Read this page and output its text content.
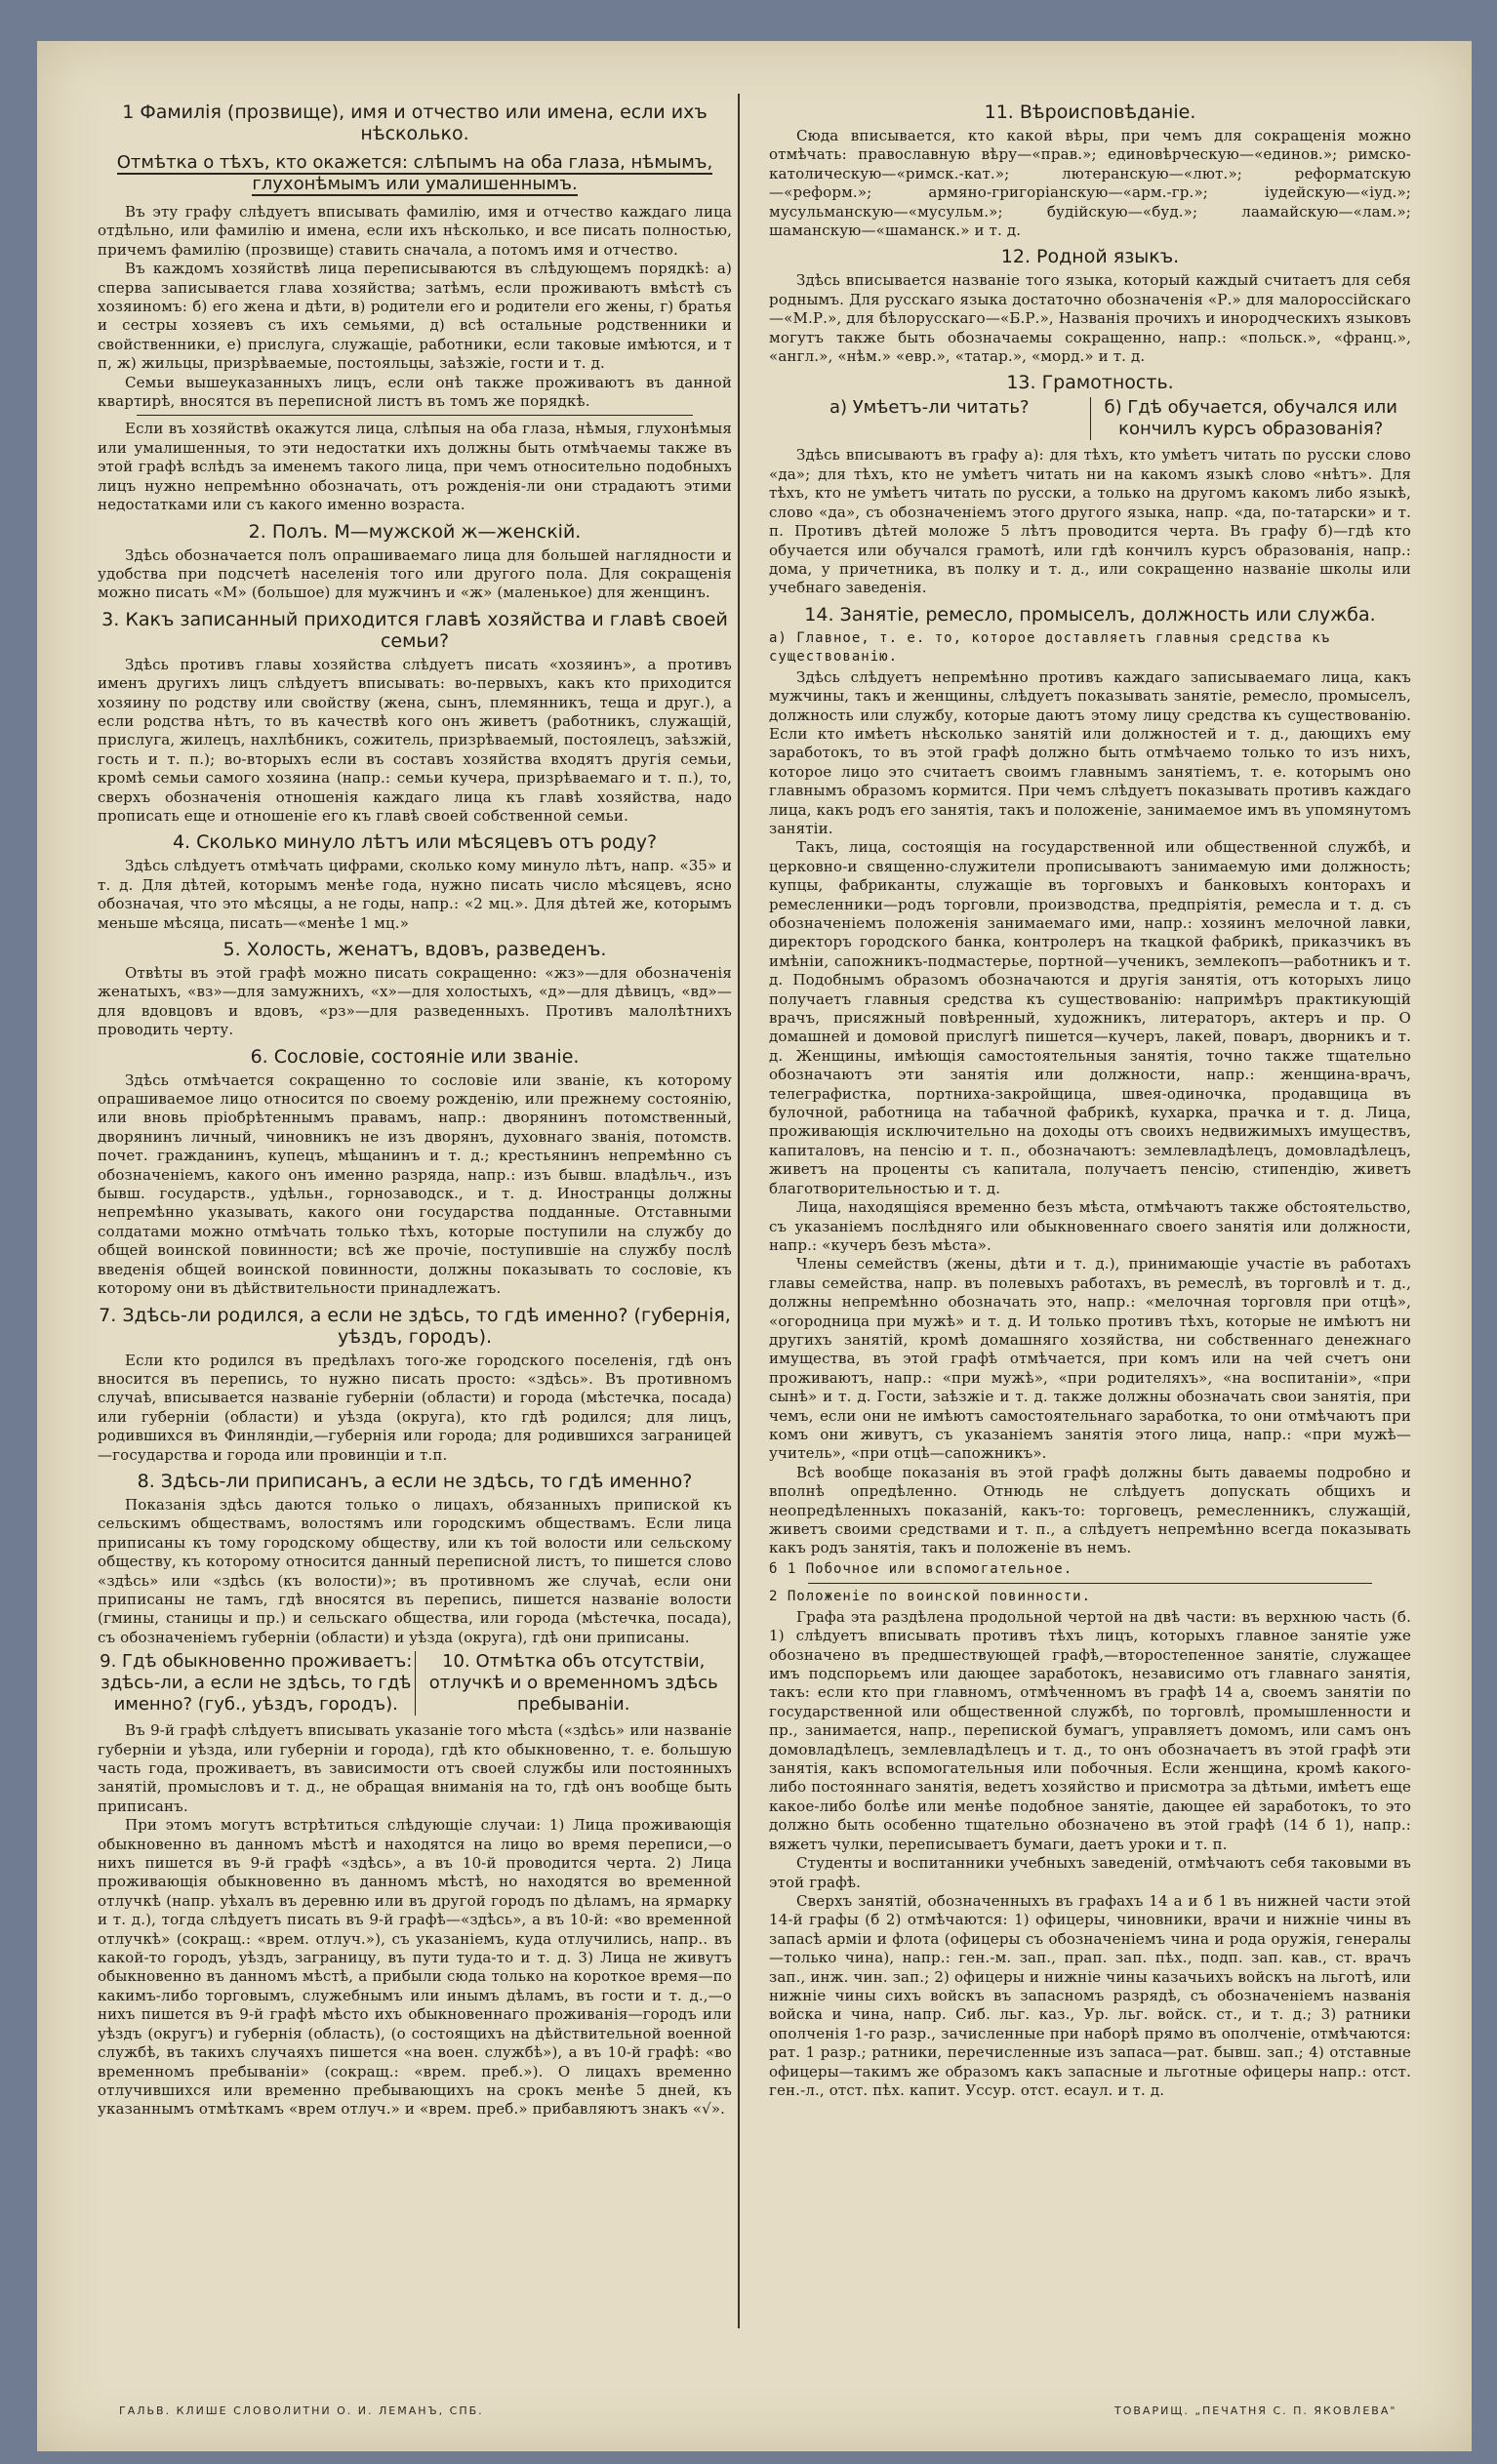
1 Фамилія (прозвище), имя и отчество или имена, если ихъ нѣсколько.
Отмѣтка о тѣхъ, кто окажется: слѣпымъ на оба глаза, нѣмымъ, глухонѣмымъ или умалишеннымъ.

Въ эту графу слѣдуетъ вписывать фамилію, имя и отчество каждаго лица отдѣльно, или фамилію и имена, если ихъ нѣсколько, и все писать полностью, причемъ фамилію (прозвище) ставить сначала, а потомъ имя и отчество.

Въ каждомъ хозяйствѣ лица переписываются въ слѣдующемъ порядкѣ: а) сперва записывается глава хозяйства; затѣмъ, если проживаютъ вмѣстѣ съ хозяиномъ: б) его жена и дѣти, в) родители его и родители его жены, г) братья и сестры хозяевъ съ ихъ семьями, д) всѣ остальные родственники и свойственники, е) прислуга, служащіе, работники, если таковые имѣются, и т п, ж) жильцы, призрѣваемые, постояльцы, заѣзжіе, гости и т. д.

Семьи вышеуказанныхъ лицъ, если онѣ также проживаютъ въ данной квартирѣ, вносятся въ переписной листъ въ томъ же порядкѣ.

Если въ хозяйствѣ окажутся лица, слѣпыя на оба глаза, нѣмыя, глухонѣмыя или умалишенныя, то эти недостатки ихъ должны быть отмѣчаемы также въ этой графѣ вслѣдъ за именемъ такого лица, при чемъ относительно подобныхъ лицъ нужно непремѣнно обозначать, отъ рожденія-ли они страдаютъ этими недостатками или съ какого именно возраста.

2. Полъ. М—мужской ж—женскій.

Здѣсь обозначается полъ опрашиваемаго лица для большей наглядности и удобства при подсчетѣ населенія того или другого пола. Для сокращенія можно писать «М» (большое) для мужчинъ и «ж» (маленькое) для женщинъ.

3. Какъ записанный приходится главѣ хозяйства и главѣ своей семьи?

Здѣсь противъ главы хозяйства слѣдуетъ писать «хозяинъ», а противъ именъ другихъ лицъ слѣдуетъ вписывать: во-первыхъ, какъ кто приходится хозяину по родству или свойству (жена, сынъ, племянникъ, теща и друг.), а если родства нѣтъ, то въ качествѣ кого онъ живетъ (работникъ, служащій, прислуга, жилецъ, нахлѣбникъ, сожитель, призрѣваемый, постоялецъ, заѣзжій, гость и т. п.); во-вторыхъ если въ составъ хозяйства входятъ другія семьи, кромѣ семьи самого хозяина (напр.: семьи кучера, призрѣваемаго и т. п.), то, сверхъ обозначенія отношенія каждаго лица къ главѣ хозяйства, надо прописать еще и отношеніе его къ главѣ своей собственной семьи.

4. Сколько минуло лѣтъ или мѣсяцевъ отъ роду?

Здѣсь слѣдуетъ отмѣчать цифрами, сколько кому минуло лѣтъ, напр. «35» и т. д. Для дѣтей, которымъ менѣе года, нужно писать число мѣсяцевъ, ясно обозначая, что это мѣсяцы, а не годы, напр.: «2 мц.». Для дѣтей же, которымъ меньше мѣсяца, писать—«менѣе 1 мц.»

5. Холость, женатъ, вдовъ, разведенъ.

Отвѣты въ этой графѣ можно писать сокращенно: «жз»—для обозначенія женатыхъ, «вз»—для замужнихъ, «х»—для холостыхъ, «д»—для дѣвицъ, «вд»—для вдовцовъ и вдовъ, «рз»—для разведенныхъ. Противъ малолѣтнихъ проводить черту.

6. Сословіе, состояніе или званіе.

Здѣсь отмѣчается сокращенно то сословіе или званіе, къ которому опрашиваемое лицо относится по своему рожденію, или прежнему состоянію, или вновь пріобрѣтеннымъ правамъ, напр.: дворянинъ потомственный, дворянинъ личный, чиновникъ не изъ дворянъ, духовнаго званія, потомств. почет. гражданинъ, купецъ, мѣщанинъ и т. д.; крестьянинъ непремѣнно съ обозначеніемъ, какого онъ именно разряда, напр.: изъ бывш. владѣльч., изъ бывш. государств., удѣльн., горнозаводск., и т. д. Иностранцы должны непремѣнно указывать, какого они государства подданные. Отставными солдатами можно отмѣчать только тѣхъ, которые поступили на службу до общей воинской повинности; всѣ же прочіе, поступившіе на службу послѣ введенія общей воинской повинности, должны показывать то сословіе, къ которому они въ дѣйствительности принадлежатъ.

7. Здѣсь-ли родился, а если не здѣсь, то гдѣ именно? (губернія, уѣздъ, городъ).

Если кто родился въ предѣлахъ того-же городского поселенія, гдѣ онъ вносится въ перепись, то нужно писать просто: «здѣсь». Въ противномъ случаѣ, вписывается названіе губерніи (области) и города (мѣстечка, посада) или губерніи (области) и уѣзда (округа), кто гдѣ родился; для лицъ, родившихся въ Финляндіи,—губернія или города; для родившихся заграницей—государства и города или провинціи и т.п.

8. Здѣсь-ли приписанъ, а если не здѣсь, то гдѣ именно?

Показанія здѣсь даются только о лицахъ, обязанныхъ припиской къ сельскимъ обществамъ, волостямъ или городскимъ обществамъ. Если лица приписаны къ тому городскому обществу, или къ той волости или сельскому обществу, къ которому относится данный переписной листъ, то пишется слово «здѣсь» или «здѣсь (къ волости)»; въ противномъ же случаѣ, если они приписаны не тамъ, гдѣ вносятся въ перепись, пишется названіе волости (гмины, станицы и пр.) и сельскаго общества, или города (мѣстечка, посада), съ обозначеніемъ губерніи (области) и уѣзда (округа), гдѣ они приписаны.

9. Гдѣ обыкновенно проживаетъ: здѣсь-ли, а если не здѣсь, то гдѣ именно? (губ., уѣздъ, городъ).
10. Отмѣтка объ отсутствіи, отлучкѣ и о временномъ здѣсь пребываніи.

Въ 9-й графѣ слѣдуетъ вписывать указаніе того мѣста («здѣсь» или названіе губерніи и уѣзда, или губерніи и города), гдѣ кто обыкновенно, т. е. большую часть года, проживаетъ, въ зависимости отъ своей службы или постоянныхъ занятій, промысловъ и т. д., не обращая вниманія на то, гдѣ онъ вообще быть приписанъ.

При этомъ могутъ встрѣтиться слѣдующіе случаи: 1) Лица проживающія обыкновенно въ данномъ мѣстѣ и находятся на лицо во время переписи,—о нихъ пишется въ 9-й графѣ «здѣсь», а въ 10-й проводится черта. 2) Лица проживающія обыкновенно въ данномъ мѣстѣ, но находятся во временной отлучкѣ (напр. уѣхалъ въ деревню или въ другой городъ по дѣламъ, на ярмарку и т. д.), тогда слѣдуетъ писать въ 9-й графѣ—«здѣсь», а въ 10-й: «во временной отлучкѣ» (сокращ.: «врем. отлуч.»), съ указаніемъ, куда отлучились, напр.. въ какой-то городъ, уѣздъ, заграницу, въ пути туда-то и т. д. 3) Лица не живутъ обыкновенно въ данномъ мѣстѣ, а прибыли сюда только на короткое время—по какимъ-либо торговымъ, служебнымъ или инымъ дѣламъ, въ гости и т. д.,—о нихъ пишется въ 9-й графѣ мѣсто ихъ обыкновеннаго проживанія—городъ или уѣздъ (округъ) и губернія (область), (о состоящихъ на дѣйствительной военной службѣ, въ такихъ случаяхъ пишется «на воен. службѣ»), а въ 10-й графѣ: «во временномъ пребываніи» (сокращ.: «врем. преб.»). О лицахъ временно отлучившихся или временно пребывающихъ на срокъ менѣе 5 дней, къ указаннымъ отмѣткамъ «врем отлуч.» и «врем. преб.» прибавляютъ знакъ «√».

11. Вѣроисповѣданіе.

Сюда вписывается, кто какой вѣры, при чемъ для сокращенія можно отмѣчать: православную вѣру—«прав.»; единовѣрческую—«единов.»; римско-католическую—«римск.-кат.»; лютеранскую—«лют.»; реформатскую—«реформ.»; армяно-григоріанскую—«арм.-гр.»; іудейскую—«іуд.»; мусульманскую—«мусульм.»; будійскую—«буд.»; лаамайскую—«лам.»; шаманскую—«шаманск.» и т. д.

12. Родной языкъ.

Здѣсь вписывается названіе того языка, который каждый считаетъ для себя роднымъ. Для русскаго языка достаточно обозначенія «Р.» для малороссійскаго—«М.Р.», для бѣлорусскаго—«Б.Р.», Названія прочихъ и инородческихъ языковъ могутъ также быть обозначаемы сокращенно, напр.: «польск.», «франц.», «англ.», «нѣм.» «евр.», «татар.», «морд.» и т. д.

13. Грамотность.
а) Умѣетъ-ли читать?	б) Гдѣ обучается, обучался или кончилъ курсъ образованія?

Здѣсь вписываютъ въ графу а): для тѣхъ, кто умѣетъ читать по русски слово «да»; для тѣхъ, кто не умѣетъ читать ни на какомъ языкѣ слово «нѣтъ». Для тѣхъ, кто не умѣетъ читать по русски, а только на другомъ какомъ либо языкѣ, слово «да», съ обозначеніемъ этого другого языка, напр. «да, по-татарски» и т. п. Противъ дѣтей моложе 5 лѣтъ проводится черта. Въ графу б)—гдѣ кто обучается или обучался грамотѣ, или гдѣ кончилъ курсъ образованія, напр.: дома, у причетника, въ полку и т. д., или сокращенно названіе школы или учебнаго заведенія.

14. Занятіе, ремесло, промыселъ, должность или служба.
а) Главное, т. е. то, которое доставляетъ главныя средства къ существованію.

Здѣсь слѣдуетъ непремѣнно противъ каждаго записываемаго лица, какъ мужчины, такъ и женщины, слѣдуетъ показывать занятіе, ремесло, промыселъ, должность или службу, которые даютъ этому лицу средства къ существованію. Если кто имѣетъ нѣсколько занятій или должностей и т. д., дающихъ ему заработокъ, то въ этой графѣ должно быть отмѣчаемо только то изъ нихъ, которое лицо это считаетъ своимъ главнымъ занятіемъ, т. е. которымъ оно главнымъ образомъ кормится. При чемъ слѣдуетъ показывать противъ каждаго лица, какъ родъ его занятія, такъ и положеніе, занимаемое имъ въ упомянутомъ занятіи.

Такъ, лица, состоящія на государственной или общественной службѣ, и церковно-и священно-служители прописываютъ занимаемую ими должность; купцы, фабриканты, служащіе въ торговыхъ и банковыхъ конторахъ и ремесленники—родъ торговли, производства, предпріятія, ремесла и т. д. съ обозначеніемъ положенія занимаемаго ими, напр.: хозяинъ мелочной лавки, директоръ городского банка, контролеръ на ткацкой фабрикѣ, приказчикъ въ имѣніи, сапожникъ-подмастерье, портной—ученикъ, землекопъ—работникъ и т. д. Подобнымъ образомъ обозначаются и другія занятія, отъ которыхъ лицо получаетъ главныя средства къ существованію: напримѣръ практикующій врачъ, присяжный повѣренный, художникъ, литераторъ, актеръ и пр. О домашней и домовой прислугѣ пишется—кучеръ, лакей, поваръ, дворникъ и т. д. Женщины, имѣющія самостоятельныя занятія, точно также тщательно обозначаютъ эти занятія или должности, напр.: женщина-врачъ, телеграфистка, портниха-закройщица, швея-одиночка, продавщица въ булочной, работница на табачной фабрикѣ, кухарка, прачка и т. д. Лица, проживающія исключительно на доходы отъ своихъ недвижимыхъ имуществъ, капиталовъ, на пенсію и т. п., обозначаютъ: землевладѣлецъ, домовладѣлецъ, живетъ на проценты съ капитала, получаетъ пенсію, стипендію, живетъ благотворительностью и т. д.

Лица, находящіяся временно безъ мѣста, отмѣчаютъ также обстоятельство, съ указаніемъ послѣдняго или обыкновеннаго своего занятія или должности, напр.: «кучеръ безъ мѣста».

Члены семействъ (жены, дѣти и т. д.), принимающіе участіе въ работахъ главы семейства, напр. въ полевыхъ работахъ, въ ремеслѣ, въ торговлѣ и т. д., должны непремѣнно обозначать это, напр.: «мелочная торговля при отцѣ», «огородница при мужѣ» и т. д. И только противъ тѣхъ, которые не имѣютъ ни другихъ занятій, кромѣ домашняго хозяйства, ни собственнаго денежнаго имущества, въ этой графѣ отмѣчается, при комъ или на чей счетъ они проживаютъ, напр.: «при мужѣ», «при родителяхъ», «на воспитаніи», «при сынѣ» и т. д. Гости, заѣзжіе и т. д. также должны обозначать свои занятія, при чемъ, если они не имѣютъ самостоятельнаго заработка, то они отмѣчаютъ при комъ они живутъ, съ указаніемъ занятія этого лица, напр.: «при мужѣ—учитель», «при отцѣ—сапожникъ».

Всѣ вообще показанія въ этой графѣ должны быть даваемы подробно и вполнѣ опредѣленно. Отнюдь не слѣдуетъ допускать общихъ и неопредѣленныхъ показаній, какъ-то: торговецъ, ремесленникъ, служащій, живетъ своими средствами и т. п., а слѣдуетъ непремѣнно всегда показывать какъ родъ занятія, такъ и положеніе въ немъ.

б 1 Побочное или вспомогательное.
2 Положеніе по воинской повинности.

Графа эта раздѣлена продольной чертой на двѣ части: въ верхнюю часть (б. 1) слѣдуетъ вписывать противъ тѣхъ лицъ, которыхъ главное занятіе уже обозначено въ предшествующей графѣ,—второстепенное занятіе, служащее имъ подспорьемъ или дающее заработокъ, независимо отъ главнаго занятія, такъ: если кто при главномъ, отмѣченномъ въ графѣ 14 а, своемъ занятіи по государственной или общественной службѣ, по торговлѣ, промышленности и пр., занимается, напр., перепиской бумагъ, управляетъ домомъ, или самъ онъ домовладѣлецъ, землевладѣлецъ и т. д., то онъ обозначаетъ въ этой графѣ эти занятія, какъ вспомогательныя или побочныя. Если женщина, кромѣ какого-либо постояннаго занятія, ведетъ хозяйство и присмотра за дѣтьми, имѣетъ еще какое-либо болѣе или менѣе подобное занятіе, дающее ей заработокъ, то это должно быть особенно тщательно обозначено въ этой графѣ (14 б 1), напр.: вяжетъ чулки, переписываетъ бумаги, даетъ уроки и т. п.

Студенты и воспитанники учебныхъ заведеній, отмѣчаютъ себя таковыми въ этой графѣ.

Сверхъ занятій, обозначенныхъ въ графахъ 14 а и б 1 въ нижней части этой 14-й графы (б 2) отмѣчаются: 1) офицеры, чиновники, врачи и нижніе чины въ запасѣ арміи и флота (офицеры съ обозначеніемъ чина и рода оружія, генералы—только чина), напр.: ген.-м. зап., прап. зап. пѣх., подп. зап. кав., ст. врачъ зап., инж. чин. зап.; 2) офицеры и нижніе чины казачьихъ войскъ на льготѣ, или нижніе чины сихъ войскъ въ запасномъ разрядѣ, съ обозначеніемъ названія войска и чина, напр. Сиб. льг. каз., Ур. льг. войск. ст., и т. д.; 3) ратники ополченія 1-го разр., зачисленные при наборѣ прямо въ ополченіе, отмѣчаются: рат. 1 разр.; ратники, перечисленные изъ запаса—рат. бывш. зап.; 4) отставные офицеры—такимъ же образомъ какъ запасные и льготные офицеры напр.: отст. ген.-л., отст. пѣх. капит. Уссур. отст. есаул. и т. д.

ГАЛЬВ. КЛИШЕ СЛОВОЛИТНИ О. И. ЛЕМАНЪ, СПБ.	ТОВАРИЩ. „ПЕЧАТНЯ С. П. ЯКОВЛЕВА"
